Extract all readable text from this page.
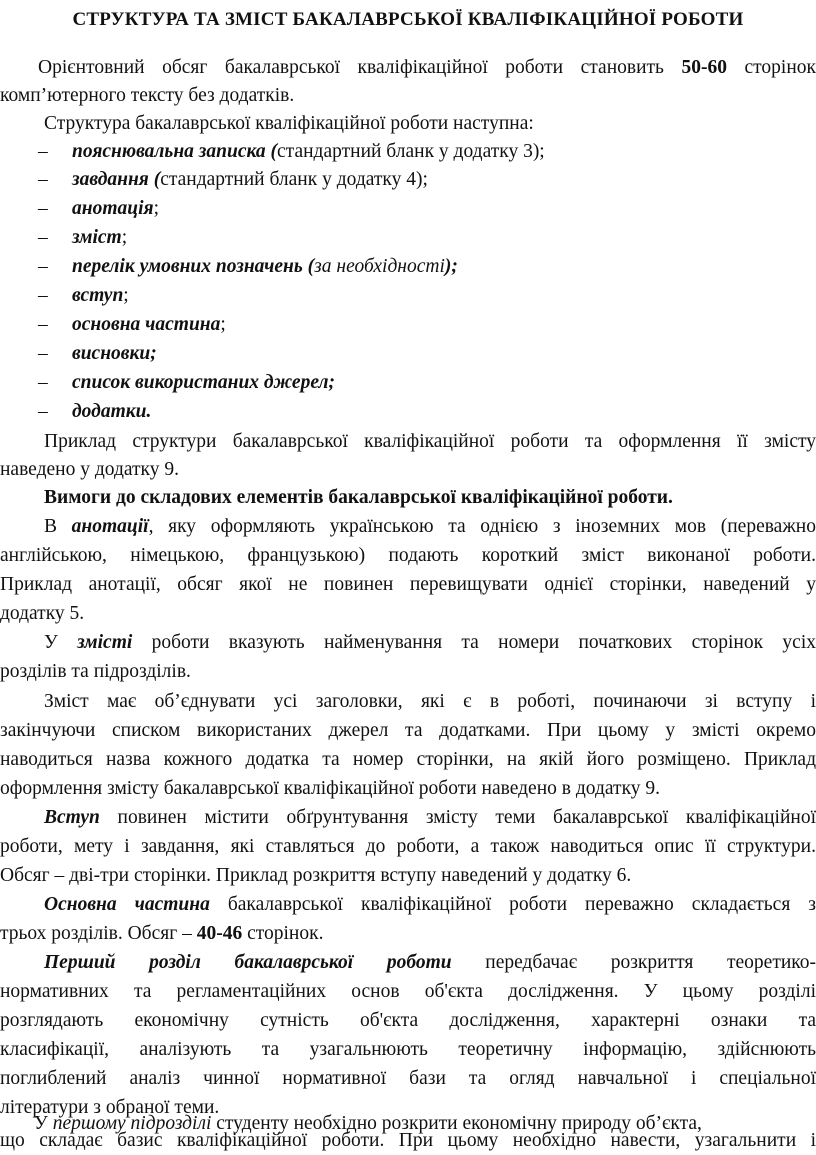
СТРУКТУРА ТА ЗМІСТ БАКАЛАВРСЬКОЇ КВАЛІФІКАЦІЙНОЇ РОБОТИ
Орієнтовний обсяг бакалаврської кваліфікаційної роботи становить 50-60 сторінок
комп’ютерного тексту без додатків.
Структура бакалаврської кваліфікаційної роботи наступна:
– пояснювальна записка (стандартний бланк у додатку 3);
– завдання (стандартний бланк у додатку 4);
– анотація;
– зміст;
– перелік умовних позначень (за необхідності);
– вступ;
– основна частина;
– висновки;
– список використаних джерел;
– додатки.
Приклад структури бакалаврської кваліфікаційної роботи та оформлення її змісту
наведено у додатку 9.
Вимоги до складових елементів бакалаврської кваліфікаційної роботи.
В анотації, яку оформляють українською та однією з іноземних мов (переважно
англійською, німецькою, французькою) подають короткий зміст виконаної роботи.
Приклад анотації, обсяг якої не повинен перевищувати однієї сторінки, наведений у
додатку 5.
У змісті роботи вказують найменування та номери початкових сторінок усіх
розділів та підрозділів.
Зміст має об’єднувати усі заголовки, які є в роботі, починаючи зі вступу і
закінчуючи списком використаних джерел та додатками. При цьому у змісті окремо
наводиться назва кожного додатка та номер сторінки, на якій його розміщено. Приклад
оформлення змісту бакалаврської кваліфікаційної роботи наведено в додатку 9.
Вступ повинен містити обґрунтування змісту теми бакалаврської кваліфікаційної
роботи, мету і завдання, які ставляться до роботи, а також наводиться опис її структури.
Обсяг – дві-три сторінки. Приклад розкриття вступу наведений у додатку 6.
Основна частина бакалаврської кваліфікаційної роботи переважно складається з
трьох розділів. Обсяг – 40-46 сторінок.
Перший розділ бакалаврської роботи передбачає розкриття теоретико-
нормативних та регламентаційних основ об'єкта дослідження. У цьому розділі
розглядають економічну сутність об'єкта дослідження, характерні ознаки та
класифікації, аналізують та узагальнюють теоретичну інформацію, здійснюють
поглиблений аналіз чинної нормативної бази та огляд навчальної і спеціальної
літератури з обраної теми.
У першому підрозділі студенту необхідно розкрити економічну природу об’єкта,
що складає базис кваліфікаційної роботи. При цьому необхідно навести, узагальнити і
